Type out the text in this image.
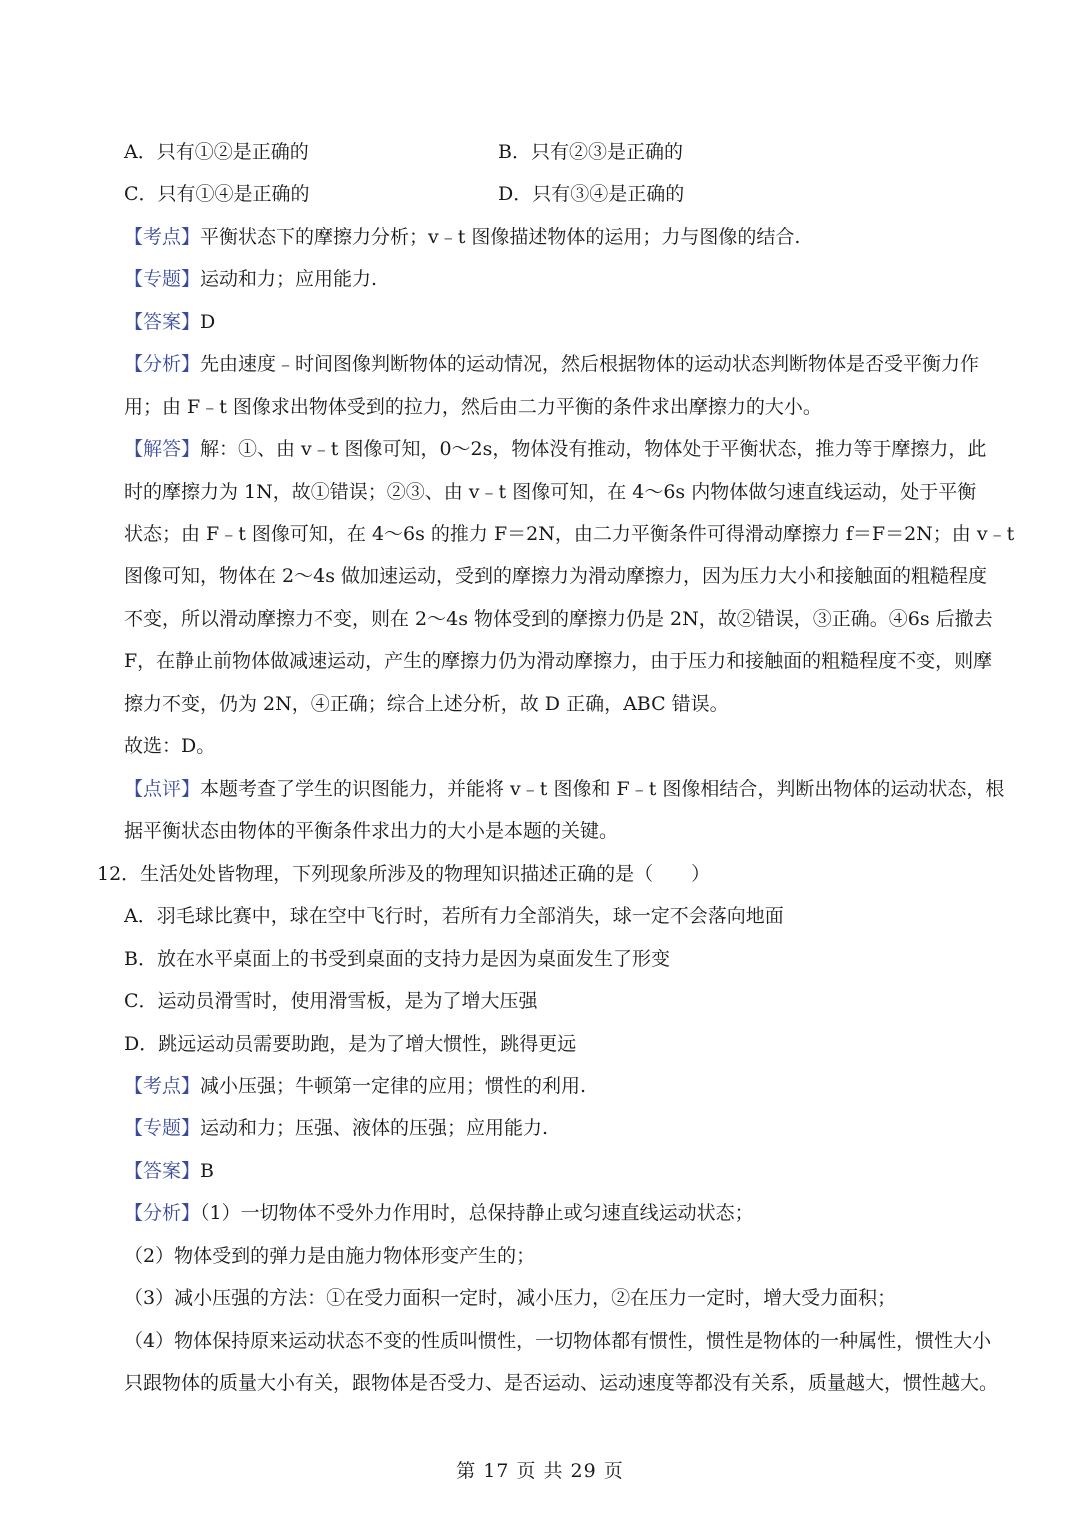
A．只有①②是正确的	B．只有②③是正确的
C．只有①④是正确的	D．只有③④是正确的
【考点】平衡状态下的摩擦力分析；v﹣t 图像描述物体的运用；力与图像的结合.
【专题】运动和力；应用能力.
【答案】D
【分析】先由速度﹣时间图像判断物体的运动情况，然后根据物体的运动状态判断物体是否受平衡力作
用；由 F﹣t 图像求出物体受到的拉力，然后由二力平衡的条件求出摩擦力的大小。
【解答】解：①、由 v﹣t 图像可知，0～2s，物体没有推动，物体处于平衡状态，推力等于摩擦力，此
时的摩擦力为 1N，故①错误；②③、由 v﹣t 图像可知，在 4～6s 内物体做匀速直线运动，处于平衡
状态；由 F﹣t 图像可知，在 4～6s 的推力 F＝2N，由二力平衡条件可得滑动摩擦力 f＝F＝2N；由 v﹣t
图像可知，物体在 2～4s 做加速运动，受到的摩擦力为滑动摩擦力，因为压力大小和接触面的粗糙程度
不变，所以滑动摩擦力不变，则在 2～4s 物体受到的摩擦力仍是 2N，故②错误，③正确。④6s 后撤去
F，在静止前物体做减速运动，产生的摩擦力仍为滑动摩擦力，由于压力和接触面的粗糙程度不变，则摩
擦力不变，仍为 2N，④正确；综合上述分析，故 D 正确，ABC 错误。
故选：D。
【点评】本题考查了学生的识图能力，并能将 v﹣t 图像和 F﹣t 图像相结合，判断出物体的运动状态，根
据平衡状态由物体的平衡条件求出力的大小是本题的关键。
12．生活处处皆物理，下列现象所涉及的物理知识描述正确的是（　　）
A．羽毛球比赛中，球在空中飞行时，若所有力全部消失，球一定不会落向地面
B．放在水平桌面上的书受到桌面的支持力是因为桌面发生了形变
C．运动员滑雪时，使用滑雪板，是为了增大压强
D．跳远运动员需要助跑，是为了增大惯性，跳得更远
【考点】减小压强；牛顿第一定律的应用；惯性的利用.
【专题】运动和力；压强、液体的压强；应用能力.
【答案】B
【分析】（1）一切物体不受外力作用时，总保持静止或匀速直线运动状态；
（2）物体受到的弹力是由施力物体形变产生的；
（3）减小压强的方法：①在受力面积一定时，减小压力，②在压力一定时，增大受力面积；
（4）物体保持原来运动状态不变的性质叫惯性，一切物体都有惯性，惯性是物体的一种属性，惯性大小
只跟物体的质量大小有关，跟物体是否受力、是否运动、运动速度等都没有关系，质量越大，惯性越大。
第 17 页 共 29 页
